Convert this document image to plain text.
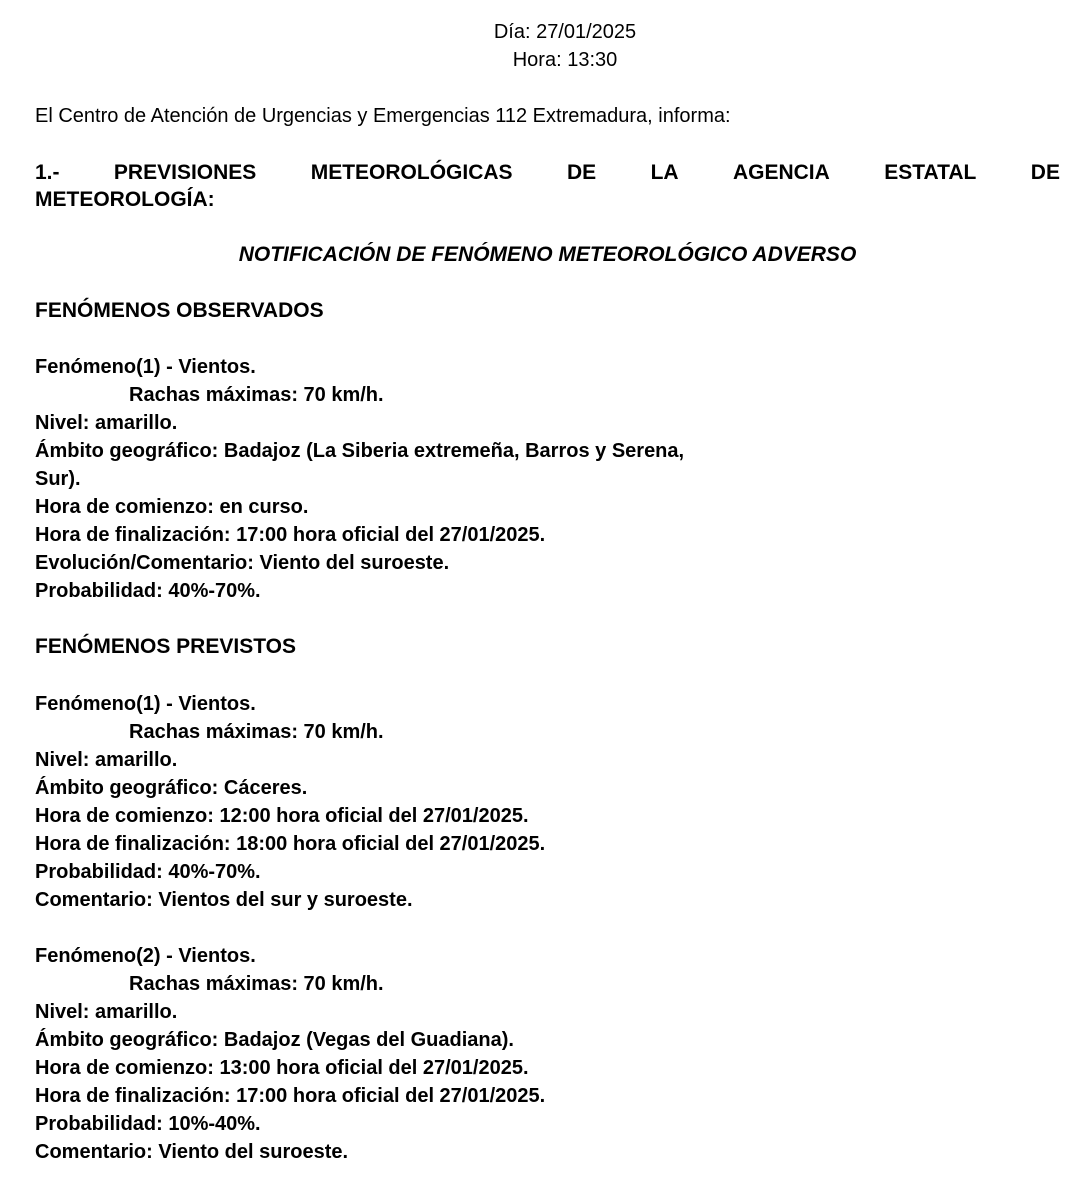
Día: 27/01/2025
Hora: 13:30
El Centro de Atención de Urgencias y Emergencias 112 Extremadura, informa:
1.-	PREVISIONES	METEOROLÓGICAS	DE	LA	AGENCIA	ESTATAL	DE
METEOROLOGÍA:
NOTIFICACIÓN DE FENÓMENO METEOROLÓGICO ADVERSO
FENÓMENOS OBSERVADOS
Fenómeno(1) - Vientos.
Rachas máximas: 70 km/h.
Nivel: amarillo.
Ámbito geográfico: Badajoz (La Siberia extremeña, Barros y Serena,
Sur).
Hora de comienzo: en curso.
Hora de finalización: 17:00 hora oficial del 27/01/2025.
Evolución/Comentario: Viento del suroeste.
Probabilidad: 40%-70%.
FENÓMENOS PREVISTOS
Fenómeno(1) - Vientos.
Rachas máximas: 70 km/h.
Nivel: amarillo.
Ámbito geográfico: Cáceres.
Hora de comienzo: 12:00 hora oficial del 27/01/2025.
Hora de finalización: 18:00 hora oficial del 27/01/2025.
Probabilidad: 40%-70%.
Comentario: Vientos del sur y suroeste.
Fenómeno(2) - Vientos.
Rachas máximas: 70 km/h.
Nivel: amarillo.
Ámbito geográfico: Badajoz (Vegas del Guadiana).
Hora de comienzo: 13:00 hora oficial del 27/01/2025.
Hora de finalización: 17:00 hora oficial del 27/01/2025.
Probabilidad: 10%-40%.
Comentario: Viento del suroeste.
